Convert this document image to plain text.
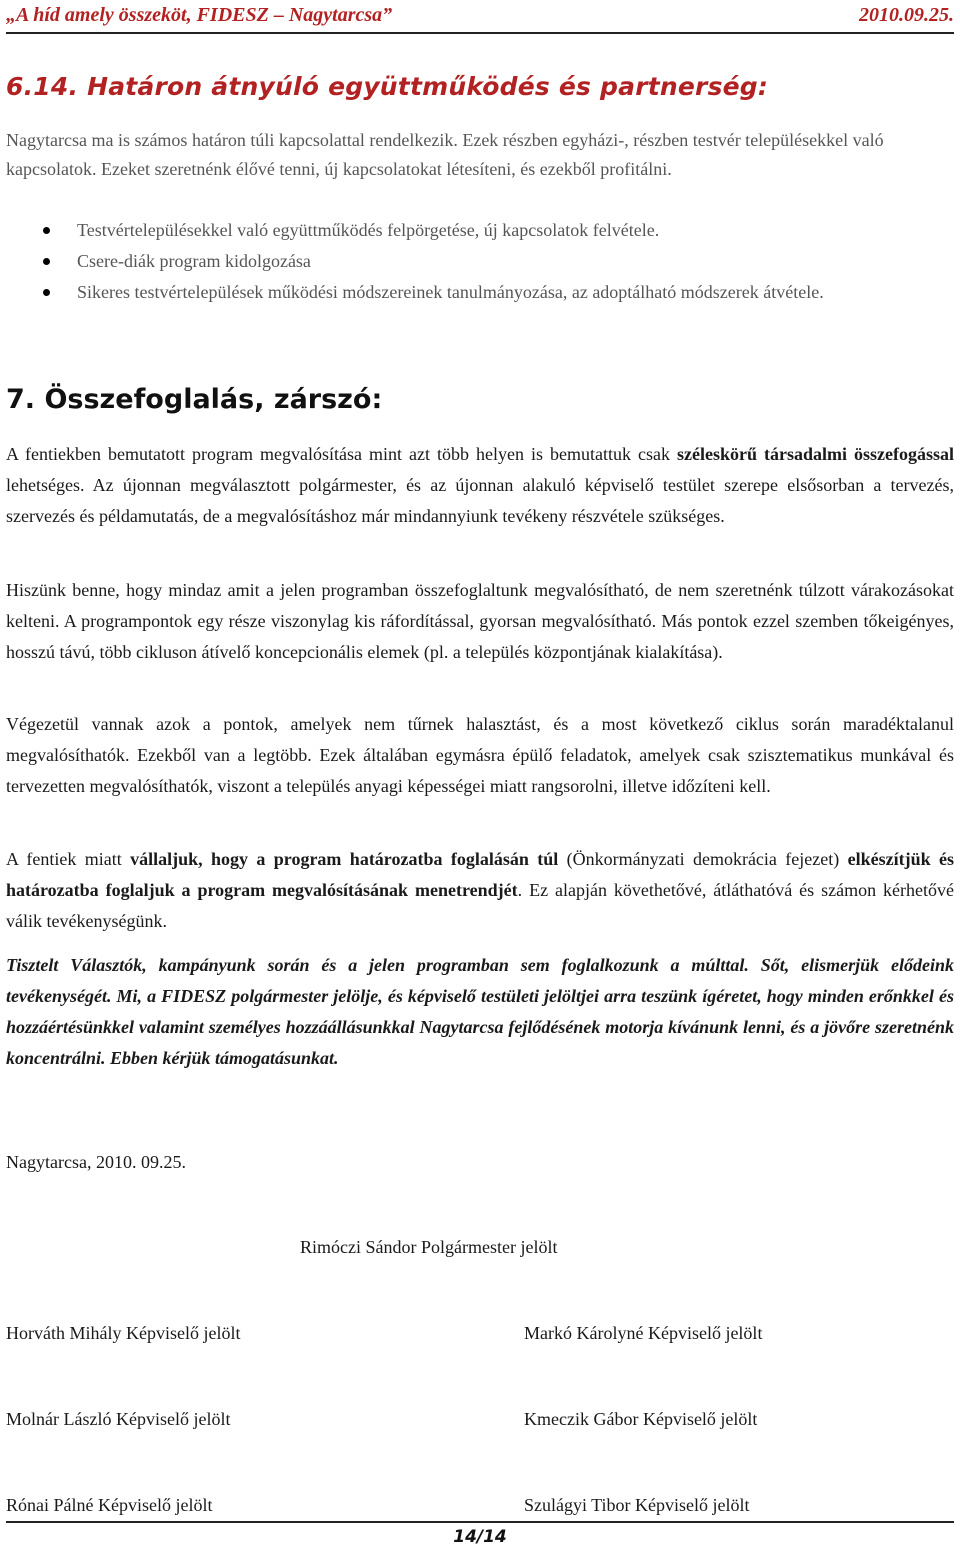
„A híd amely összeköt, FIDESZ – Nagytarcsa”	2010.09.25.
6.14. Határon átnyúló együttműködés és partnerség:

Nagytarcsa ma is számos határon túli kapcsolattal rendelkezik. Ezek részben egyházi-, részben testvér településekkel való kapcsolatok. Ezeket szeretnénk élővé tenni, új kapcsolatokat létesíteni, és ezekből profitálni.

Testvértelepülésekkel való együttműködés felpörgetése, új kapcsolatok felvétele.
Csere-diák program kidolgozása
Sikeres testvértelepülések működési módszereinek tanulmányozása, az adoptálható módszerek átvétele.
7. Összefoglalás, zárszó:

A fentiekben bemutatott program megvalósítása mint azt több helyen is bemutattuk csak széleskörű társadalmi összefogással lehetséges. Az újonnan megválasztott polgármester, és az újonnan alakuló képviselő testület szerepe elsősorban a tervezés, szervezés és példamutatás, de a megvalósításhoz már mindannyiunk tevékeny részvétele szükséges.

Hiszünk benne, hogy mindaz amit a jelen programban összefoglaltunk megvalósítható, de nem szeretnénk túlzott várakozásokat kelteni. A programpontok egy része viszonylag kis ráfordítással, gyorsan megvalósítható. Más pontok ezzel szemben tőkeigényes, hosszú távú, több cikluson átívelő koncepcionális elemek (pl. a település központjának kialakítása).

Végezetül vannak azok a pontok, amelyek nem tűrnek halasztást, és a most következő ciklus során maradéktalanul megvalósíthatók. Ezekből van a legtöbb. Ezek általában egymásra épülő feladatok, amelyek csak szisztematikus munkával és tervezetten megvalósíthatók, viszont a település anyagi képességei miatt rangsorolni, illetve időzíteni kell.

A fentiek miatt vállaljuk, hogy a program határozatba foglalásán túl (Önkormányzati demokrácia fejezet) elkészítjük és határozatba foglaljuk a program megvalósításának menetrendjét. Ez alapján követhetővé, átláthatóvá és számon kérhetővé válik tevékenységünk.

Tisztelt Választók, kampányunk során és a jelen programban sem foglalkozunk a múlttal. Sőt, elismerjük elődeink tevékenységét. Mi, a FIDESZ polgármester jelölje, és képviselő testületi jelöltjei arra teszünk ígéretet, hogy minden erőnkkel és hozzáértésünkkel valamint személyes hozzáállásunkkal Nagytarcsa fejlődésének motorja kívánunk lenni, és a jövőre szeretnénk koncentrálni. Ebben kérjük támogatásunkat.

Nagytarcsa, 2010. 09.25.
Rimóczi Sándor Polgármester jelölt
Horváth Mihály Képviselő jelölt	Markó Károlyné Képviselő jelölt
Molnár László Képviselő jelölt	Kmeczik Gábor Képviselő jelölt
Rónai Pálné Képviselő jelölt	Szulágyi Tibor Képviselő jelölt
14/14
